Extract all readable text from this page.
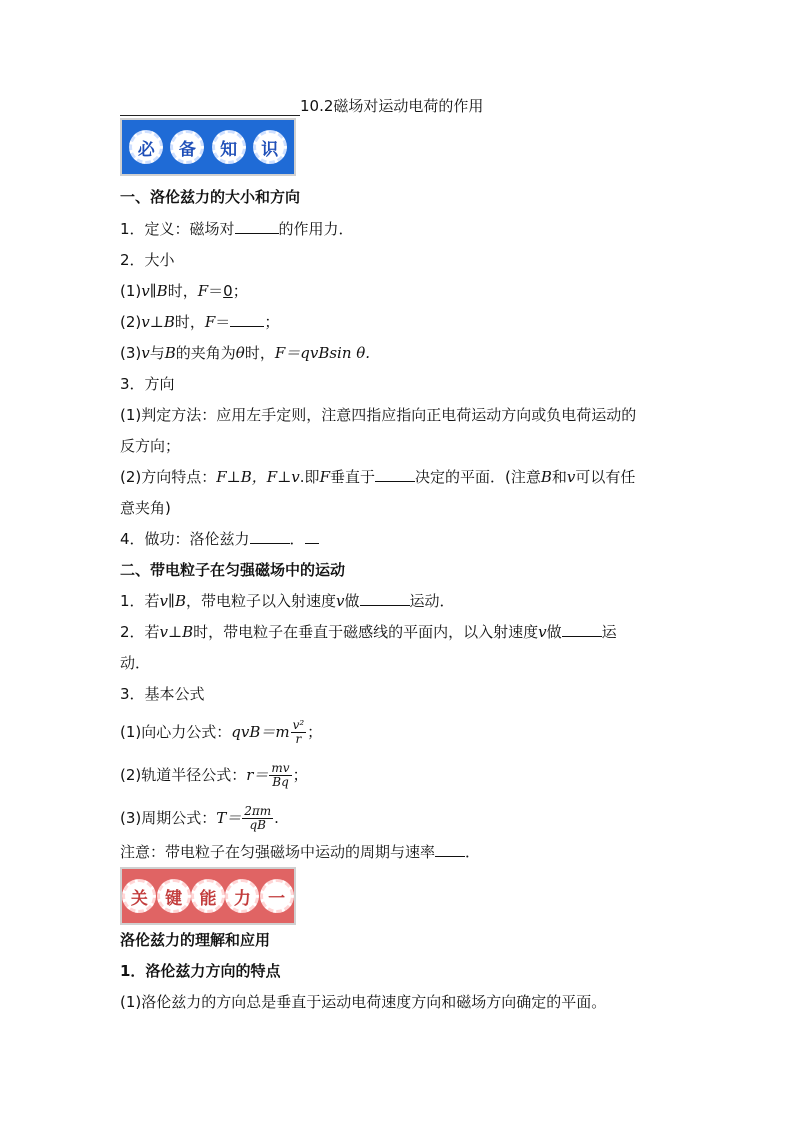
10.2磁场对运动电荷的作用
必	备	知	识
一、洛伦兹力的大小和方向
1．定义：磁场对	的作用力．
2．大小
(1)v∥B时，F＝0；
(2)v⊥B时，F＝ ；
(3)v与B的夹角为θ时，F＝qvBsin θ.
3．方向
(1)判定方法：应用左手定则，注意四指应指向正电荷运动方向或负电荷运动的
反方向；
(2)方向特点：F⊥B，F⊥v.即F垂直于	决定的平面．(注意B和v可以有任
意夹角)
4．做功：洛伦兹力	．
二、带电粒子在匀强磁场中的运动
1．若v∥B，带电粒子以入射速度v做	运动．
2．若v⊥B时，带电粒子在垂直于磁感线的平面内，以入射速度v做	运
动．
3．基本公式
(1)向心力公式：$qvB=m \frac{\text{v²}}{r}$ ；
(2)轨道半径公式：$r= \frac{mv}{Bq}$ ；
(3)周期公式：$T= \frac{2\pi m}{qB}$ .
注意：带电粒子在匀强磁场中运动的周期与速率 ．
关	键	能	力	一
洛伦兹力的理解和应用
1．洛伦兹力方向的特点
(1)洛伦兹力的方向总是垂直于运动电荷速度方向和磁场方向确定的平面。
